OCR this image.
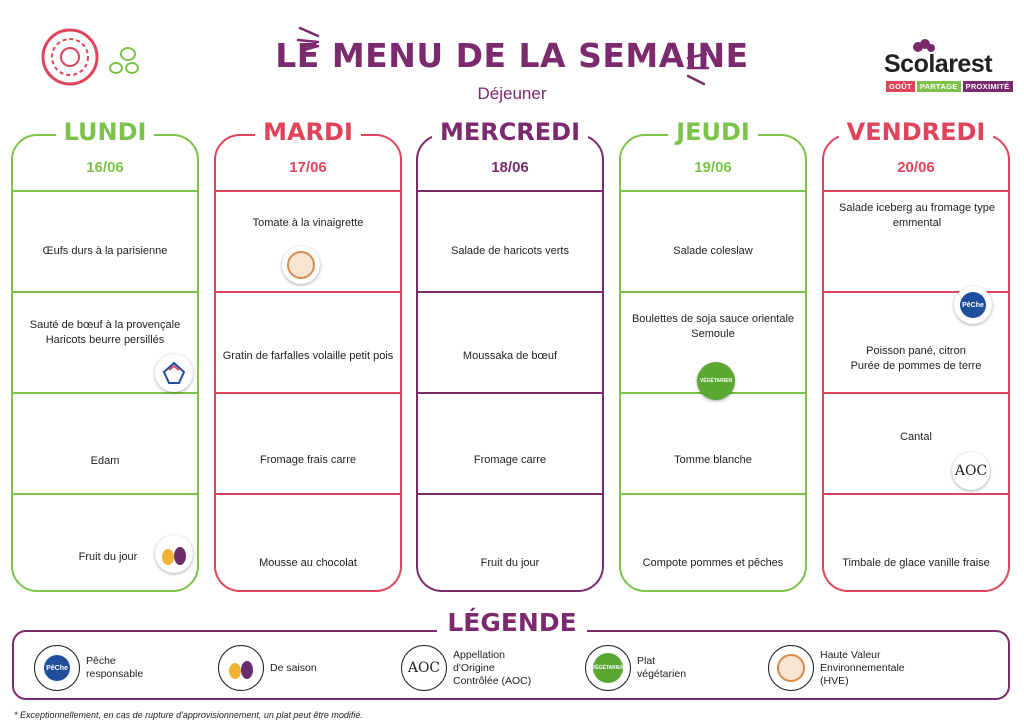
LE MENU DE LA SEMAINE
Déjeuner
Scolarest
GOÛT	PARTAGE	PROXIMITÉ
LUNDI
16/06
Œufs durs à la parisienne
Sauté de bœuf à la provençale
Haricots beurre persillés
Edam
Fruit du jour
MARDI
17/06
Tomate à la vinaigrette
Gratin de farfalles volaille petit pois
Fromage frais carre
Mousse au chocolat
MERCREDI
18/06
Salade de haricots verts
Moussaka de bœuf
Fromage carre
Fruit du jour
JEUDI
19/06
Salade coleslaw
Boulettes de soja sauce orientale
Semoule
VÉGÉTARIEN
Tomme blanche
Compote pommes et pêches
VENDREDI
20/06
Salade iceberg au fromage type emmental
PêChe
Poisson pané, citron
Purée de pommes de terre
Cantal
AOC
Timbale de glace vanille fraise
LÉGENDE
PêChe
Pêche
responsable
De saison	AOC
Appellation
d'Origine
Contrôlée (AOC)
VÉGÉTARIEN
Plat
végétarien
Haute Valeur
Environnementale
(HVE)
* Exceptionnellement, en cas de rupture d'approvisionnement, un plat peut être modifié.
